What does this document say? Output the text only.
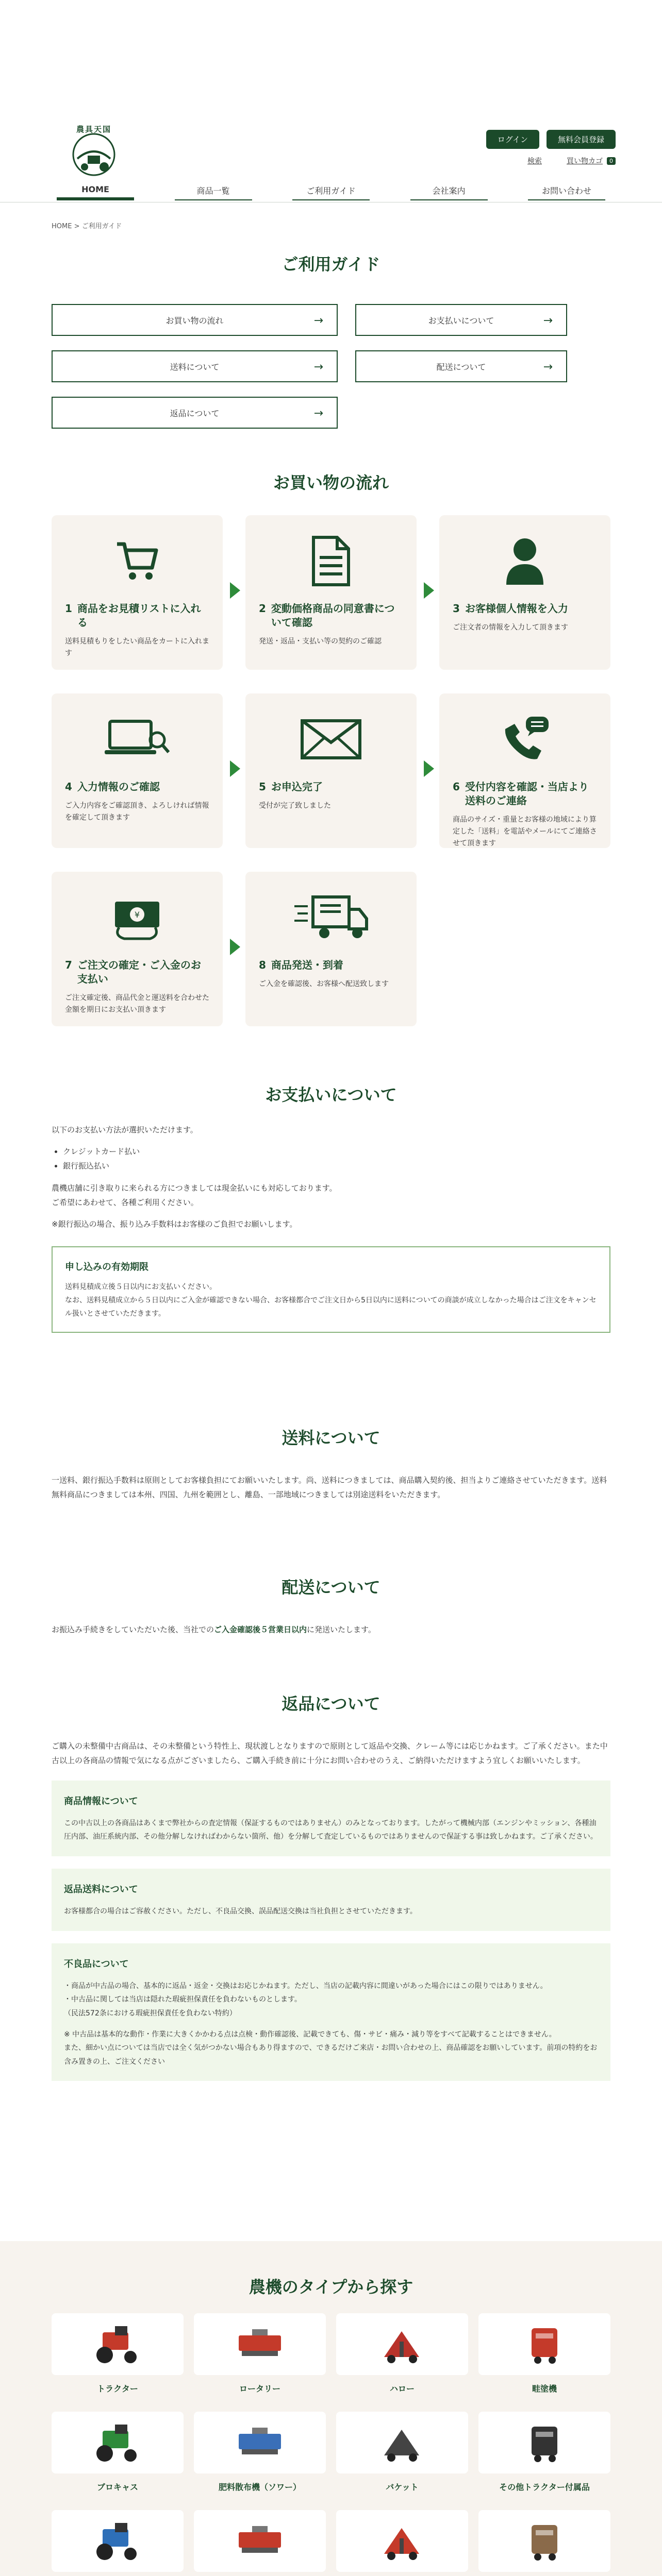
農具天国
ログイン	無料会員登録
検索	買い物カゴ	0
HOME	商品一覧	ご利用ガイド	会社案内	お問い合わせ
HOME > ご利用ガイド
ご利用ガイド
お買い物の流れ	→	お支払いについて	→
送料について	→	配送について	→
返品について	→
お買い物の流れ
1 商品をお見積リストに入れる
送料見積もりをしたい商品をカートに入れます
2 変動価格商品の同意書について確認
発送・返品・支払い等の契約のご確認
3 お客様個人情報を入力
ご注文者の情報を入力して頂きます
4 入力情報のご確認
ご入力内容をご確認頂き、よろしければ情報を確定して頂きます
5 お申込完了
受付が完了致しました
6 受付内容を確認・当店より送料のご連絡
商品のサイズ・重量とお客様の地域により算定した「送料」を電話やメールにてご連絡させて頂きます
¥
7 ご注文の確定・ご入金のお支払い
ご注文確定後、商品代金と運送料を合わせた金額を期日にお支払い頂きます
8 商品発送・到着
ご入金を確認後、お客様へ配送致します
お支払いについて

以下のお支払い方法が選択いただけます。

• クレジットカード払い
• 銀行振込払い

農機店舗に引き取りに来られる方につきましては現金払いにも対応しております。

ご希望にあわせて、各種ご利用ください。

※銀行振込の場合、振り込み手数料はお客様のご負担でお願いします。

申し込みの有効期限

送料見積成立後５日以内にお支払いください。

なお、送料見積成立から５日以内にご入金が確認できない場合、お客様都合でご注文日から5日以内に送料についての商談が成立しなかった場合はご注文をキャンセル扱いとさせていただきます。

送料について

一送料、銀行振込手数料は原則としてお客様負担にてお願いいたします。尚、送料につきましては、商品購入契約後、担当よりご連絡させていただきます。送料無料商品につきましては本州、四国、九州を範囲とし、離島、一部地域につきましては別途送料をいただきます。

配送について

お振込み手続きをしていただいた後、当社でのご入金確認後５営業日以内に発送いたします。

返品について

ご購入の未整備中古商品は、その未整備という特性上、現状渡しとなりますので原則として返品や交換、クレーム等には応じかねます。ご了承ください。また中古以上の各商品の情報で気になる点がございましたら、ご購入手続き前に十分にお問い合わせのうえ、ご納得いただけますよう宜しくお願いいたします。

商品情報について

この中古以上の各商品はあくまで弊社からの査定情報（保証するものではありません）のみとなっております。したがって機械内部（エンジンやミッション、各種油圧内部、油圧系統内部、その他分解しなければわからない箇所、他）を分解して査定しているものではありませんので保証する事は致しかねます。ご了承ください。

返品送料について

お客様都合の場合はご容赦ください。ただし、不良品交換、誤品配送交換は当社負担とさせていただきます。

不良品について

・商品が中古品の場合、基本的に返品・返金・交換はお応じかねます。ただし、当店の記載内容に間違いがあった場合にはこの限りではありません。

・中古品に関しては当店は隠れた瑕疵担保責任を負わないものとします。

（民法572条における瑕疵担保責任を負わない特約）

※ 中古品は基本的な動作・作業に大きくかかわる点は点検・動作確認後、記載できても、傷・サビ・痛み・減り等をすべて記載することはできません。

また、細かい点については当店では全く気がつかない場合もあり得ますので、できるだけご来店・お問い合わせの上、商品確認をお願いしています。前項の特約をお含み置きの上、ご注文ください

農機のタイプから探す
トラクター	ロータリー	ハロー	畦塗機
ブロキャス	肥料散布機（ソワー）	バケット	その他トラクター付属品
